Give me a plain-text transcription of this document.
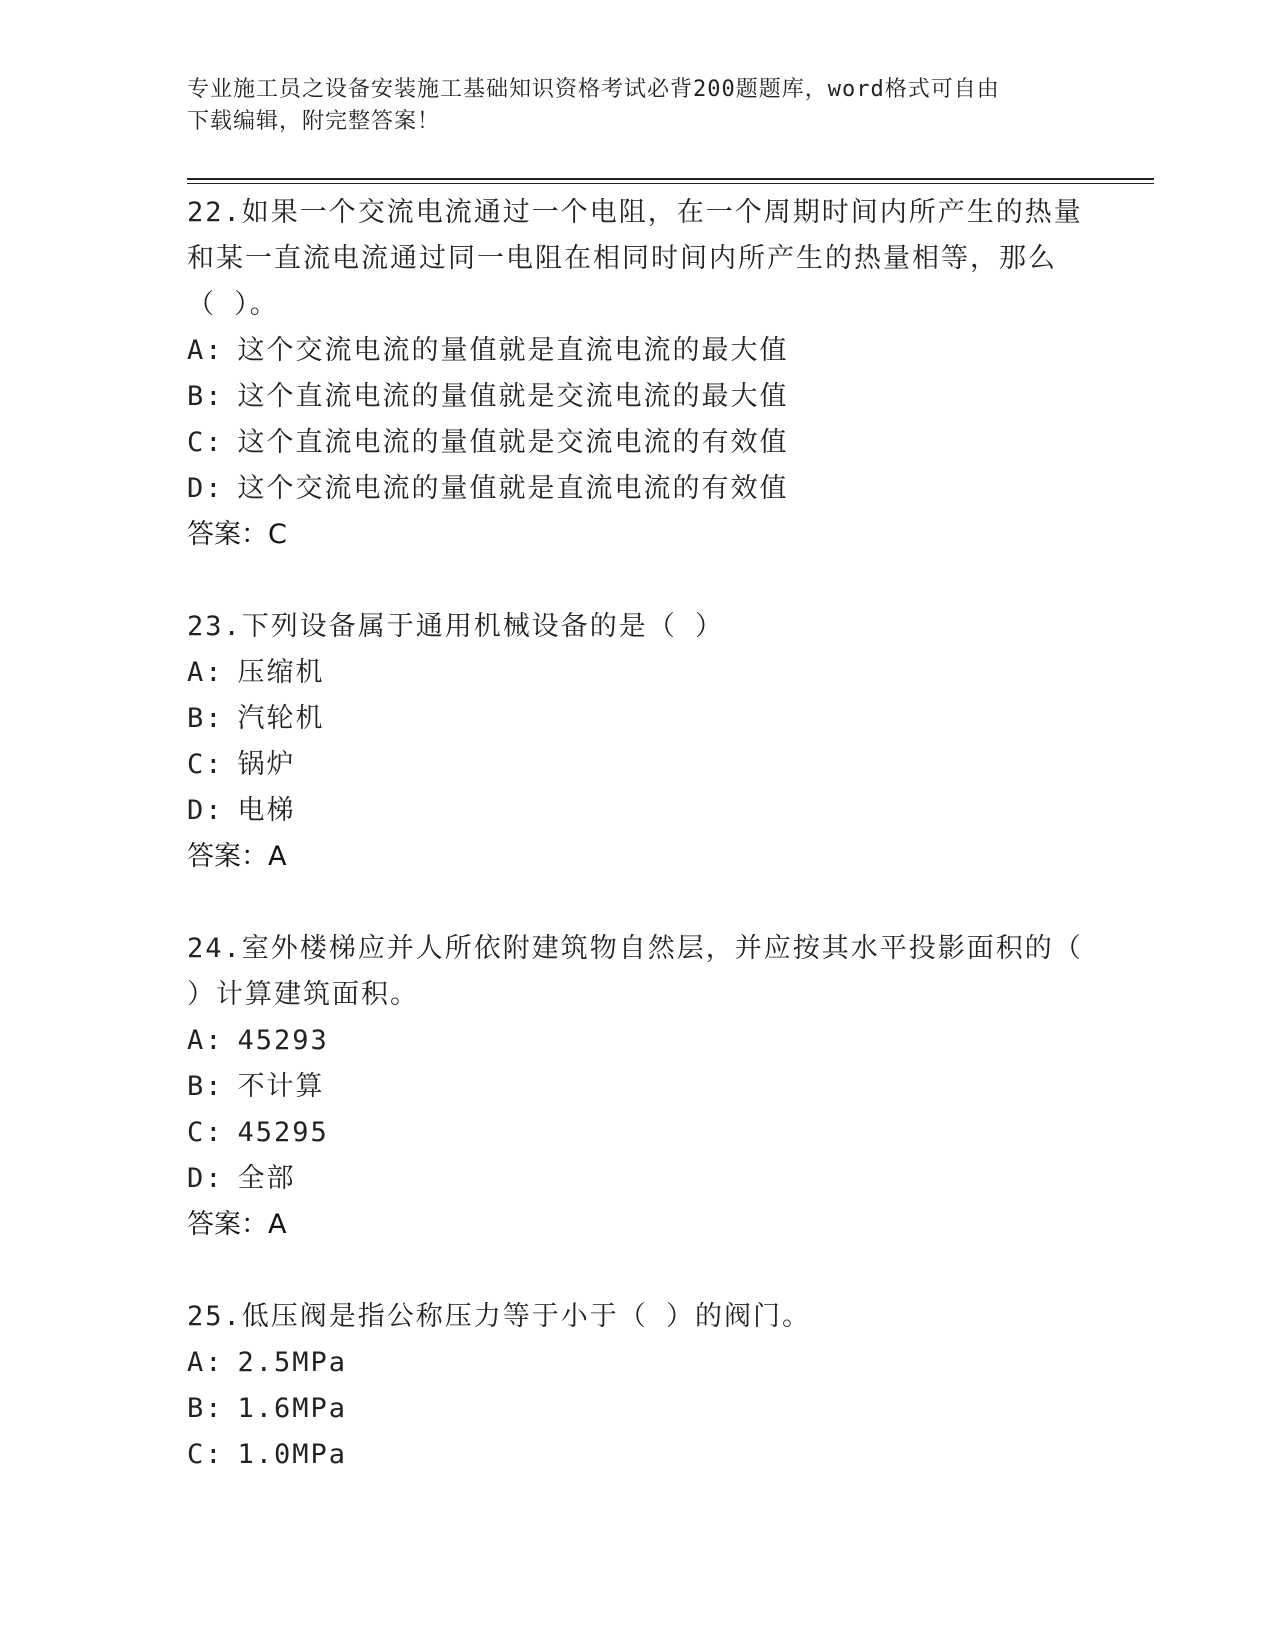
专业施工员之设备安装施工基础知识资格考试必背200题题库，word格式可自由
下载编辑，附完整答案！
22.如果一个交流电流通过一个电阻，在一个周期时间内所产生的热量
和某一直流电流通过同一电阻在相同时间内所产生的热量相等，那么
（ ）。
A: 这个交流电流的量值就是直流电流的最大值
B: 这个直流电流的量值就是交流电流的最大值
C: 这个直流电流的量值就是交流电流的有效值
D: 这个交流电流的量值就是直流电流的有效值
答案：C
23.下列设备属于通用机械设备的是（ ）
A: 压缩机
B: 汽轮机
C: 锅炉
D: 电梯
答案：A
24.室外楼梯应并人所依附建筑物自然层，并应按其水平投影面积的（
）计算建筑面积。
A: 45293
B: 不计算
C: 45295
D: 全部
答案：A
25.低压阀是指公称压力等于小于（ ）的阀门。
A: 2.5MPa
B: 1.6MPa
C: 1.0MPa
